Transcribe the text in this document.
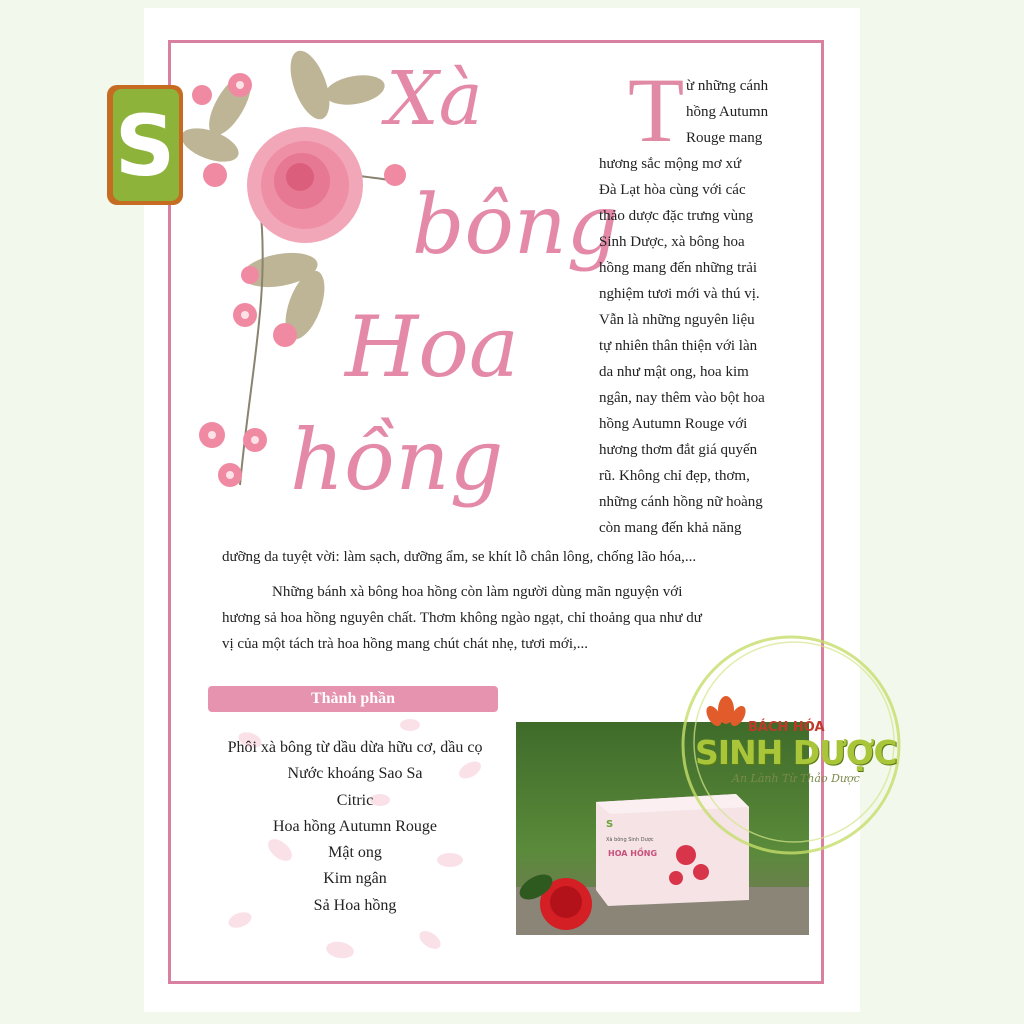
S	Xà
bông
Hoa
hồng
T ừ những cánh
hồng Autumn
Rouge mang
hương sắc mộng mơ xứ
Đà Lạt hòa cùng với các
thảo dược đặc trưng vùng
Sinh Dược, xà bông hoa
hồng mang đến những trải
nghiệm tươi mới và thú vị.
Vẫn là những nguyên liệu
tự nhiên thân thiện với làn
da như mật ong, hoa kim
ngân, nay thêm vào bột hoa
hồng Autumn Rouge với
hương thơm đắt giá quyến
rũ. Không chỉ đẹp, thơm,
những cánh hồng nữ hoàng
còn mang đến khả năng
dưỡng da tuyệt vời: làm sạch, dưỡng ẩm, se khít lỗ chân lông, chống lão hóa,...
Những bánh xà bông hoa hồng còn làm người dùng mãn nguyện với
hương sả hoa hồng nguyên chất. Thơm không ngào ngạt, chỉ thoảng qua như dư
vị của một tách trà hoa hồng mang chút chát nhẹ, tươi mới,...
Thành phần
Phôi xà bông từ dầu dừa hữu cơ, dầu cọ
Nước khoáng Sao Sa
Citric
Hoa hồng Autumn Rouge
Mật ong
Kim ngân
Sả Hoa hồng
S
Xà bông Sinh Dược
HOA HỒNG
BÁCH HÓA
SINH DƯỢC
An Lành Từ Thảo Dược
